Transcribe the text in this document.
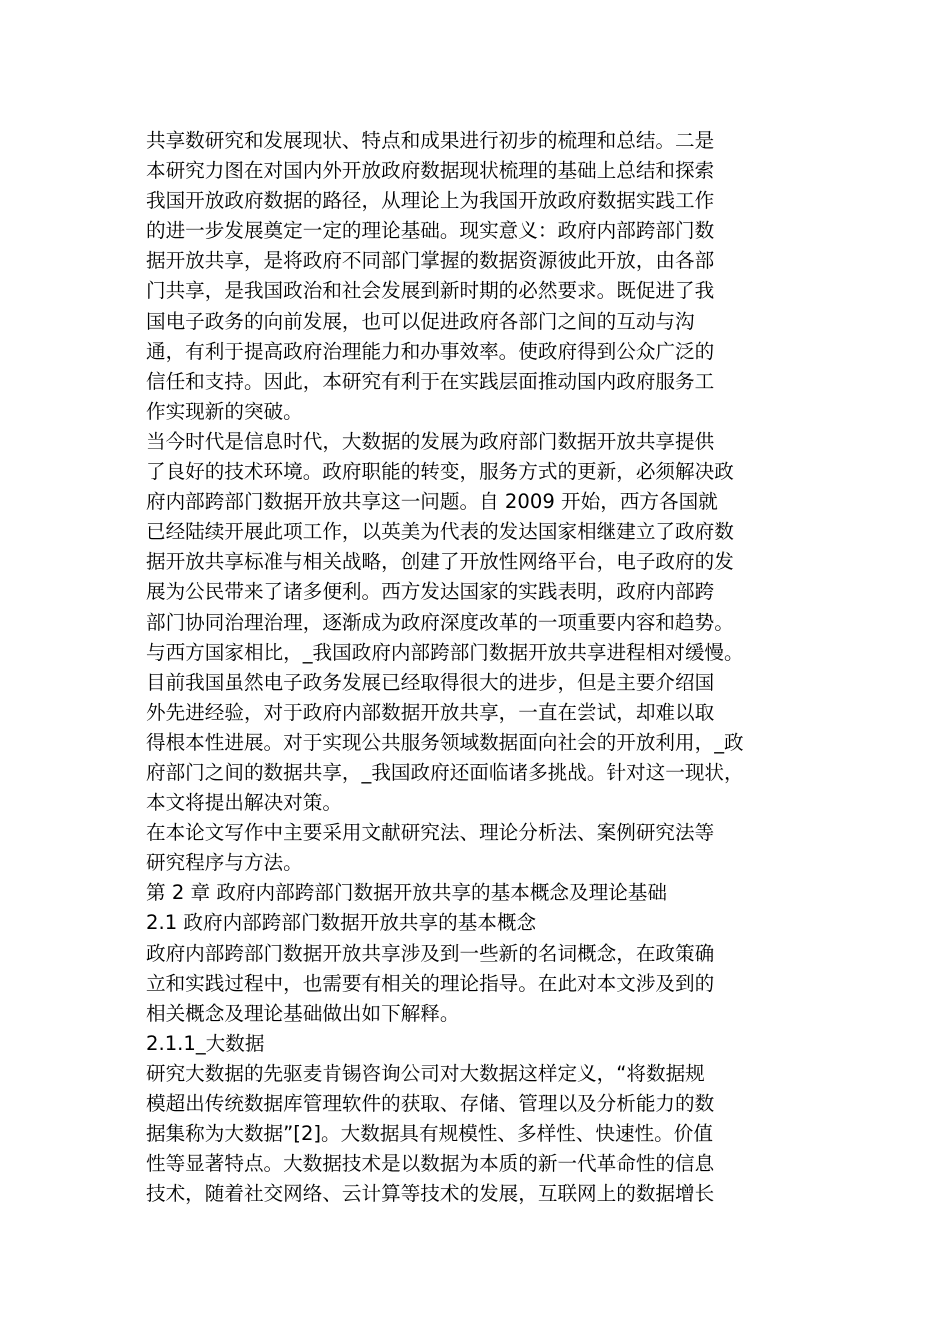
共享数研究和发展现状、特点和成果进行初步的梳理和总结。二是
本研究力图在对国内外开放政府数据现状梳理的基础上总结和探索
我国开放政府数据的路径，从理论上为我国开放政府数据实践工作
的进一步发展奠定一定的理论基础。现实意义：政府内部跨部门数
据开放共享，是将政府不同部门掌握的数据资源彼此开放，由各部
门共享，是我国政治和社会发展到新时期的必然要求。既促进了我
国电子政务的向前发展，也可以促进政府各部门之间的互动与沟
通，有利于提高政府治理能力和办事效率。使政府得到公众广泛的
信任和支持。因此，本研究有利于在实践层面推动国内政府服务工
作实现新的突破。
当今时代是信息时代，大数据的发展为政府部门数据开放共享提供
了良好的技术环境。政府职能的转变，服务方式的更新，必须解决政
府内部跨部门数据开放共享这一问题。自 2009 开始，西方各国就
已经陆续开展此项工作，以英美为代表的发达国家相继建立了政府数
据开放共享标准与相关战略，创建了开放性网络平台，电子政府的发
展为公民带来了诸多便利。西方发达国家的实践表明，政府内部跨
部门协同治理治理，逐渐成为政府深度改革的一项重要内容和趋势。
与西方国家相比，_我国政府内部跨部门数据开放共享进程相对缓慢。
目前我国虽然电子政务发展已经取得很大的进步，但是主要介绍国
外先进经验，对于政府内部数据开放共享，一直在尝试，却难以取
得根本性进展。对于实现公共服务领域数据面向社会的开放利用，_政
府部门之间的数据共享，_我国政府还面临诸多挑战。针对这一现状，
本文将提出解决对策。
在本论文写作中主要采用文献研究法、理论分析法、案例研究法等
研究程序与方法。
第 2 章 政府内部跨部门数据开放共享的基本概念及理论基础
2.1 政府内部跨部门数据开放共享的基本概念
政府内部跨部门数据开放共享涉及到一些新的名词概念，在政策确
立和实践过程中，也需要有相关的理论指导。在此对本文涉及到的
相关概念及理论基础做出如下解释。
2.1.1_大数据
研究大数据的先驱麦肯锡咨询公司对大数据这样定义，“将数据规
模超出传统数据库管理软件的获取、存储、管理以及分析能力的数
据集称为大数据”[2]。大数据具有规模性、多样性、快速性。价值
性等显著特点。大数据技术是以数据为本质的新一代革命性的信息
技术，随着社交网络、云计算等技术的发展，互联网上的数据增长
